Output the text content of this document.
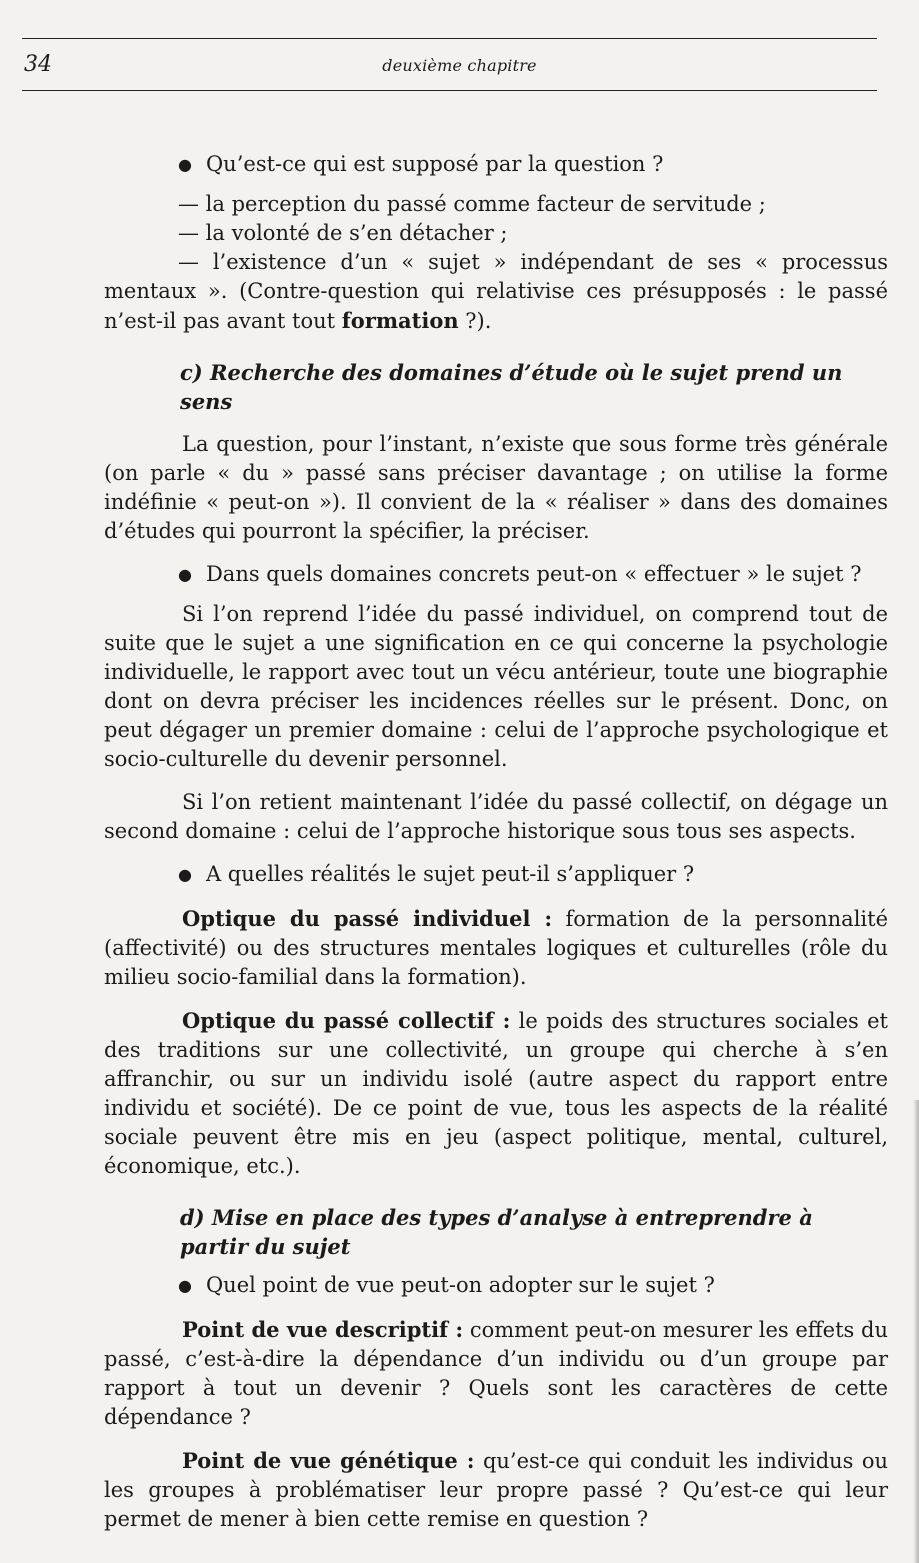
34	deuxième chapitre

● Qu’est-ce qui est supposé par la question ?

— la perception du passé comme facteur de servitude ;

— la volonté de s’en détacher ;

— l’existence d’un « sujet » indépendant de ses « processus mentaux ». (Contre-question qui relativise ces présupposés : le passé n’est-il pas avant tout formation ?).

c) Recherche des domaines d’étude où le sujet prend un sens

La question, pour l’instant, n’existe que sous forme très générale (on parle « du » passé sans préciser davantage ; on utilise la forme indéfinie « peut-on »). Il convient de la « réaliser » dans des domaines d’études qui pourront la spécifier, la préciser.

● Dans quels domaines concrets peut-on « effectuer » le sujet ?

Si l’on reprend l’idée du passé individuel, on comprend tout de suite que le sujet a une signification en ce qui concerne la psychologie individuelle, le rapport avec tout un vécu antérieur, toute une biographie dont on devra préciser les incidences réelles sur le présent. Donc, on peut dégager un premier domaine : celui de l’approche psychologique et socio-culturelle du devenir personnel.

Si l’on retient maintenant l’idée du passé collectif, on dégage un second domaine : celui de l’approche historique sous tous ses aspects.

● A quelles réalités le sujet peut-il s’appliquer ?

Optique du passé individuel : formation de la personnalité (affectivité) ou des structures mentales logiques et culturelles (rôle du milieu socio-familial dans la formation).

Optique du passé collectif : le poids des structures sociales et des traditions sur une collectivité, un groupe qui cherche à s’en affranchir, ou sur un individu isolé (autre aspect du rapport entre individu et société). De ce point de vue, tous les aspects de la réalité sociale peuvent être mis en jeu (aspect politique, mental, culturel, économique, etc.).

d) Mise en place des types d’analyse à entreprendre à partir du sujet

● Quel point de vue peut-on adopter sur le sujet ?

Point de vue descriptif : comment peut-on mesurer les effets du passé, c’est-à-dire la dépendance d’un individu ou d’un groupe par rapport à tout un devenir ? Quels sont les caractères de cette dépendance ?

Point de vue génétique : qu’est-ce qui conduit les individus ou les groupes à problématiser leur propre passé ? Qu’est-ce qui leur permet de mener à bien cette remise en question ?
